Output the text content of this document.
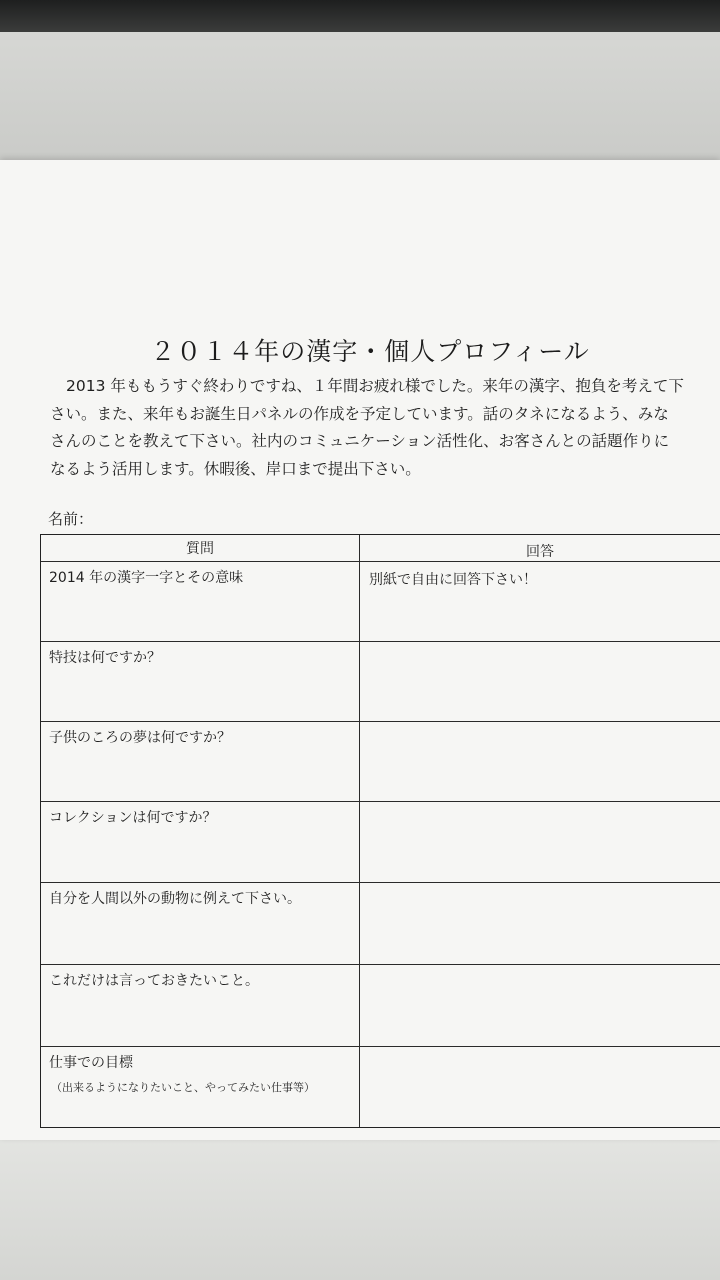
２０１４年の漢字・個人プロフィール
2013 年ももうすぐ終わりですね、１年間お疲れ様でした。来年の漢字、抱負を考えて下
さい。また、来年もお誕生日パネルの作成を予定しています。話のタネになるよう、みな
さんのことを教えて下さい。社内のコミュニケーション活性化、お客さんとの話題作りに
なるよう活用します。休暇後、岸口まで提出下さい。
名前：
質問	回答
2014 年の漢字一字とその意味	別紙で自由に回答下さい！
特技は何ですか？
子供のころの夢は何ですか？
コレクションは何ですか？
自分を人間以外の動物に例えて下さい。
これだけは言っておきたいこと。
仕事での目標
（出来るようになりたいこと、やってみたい仕事等）
